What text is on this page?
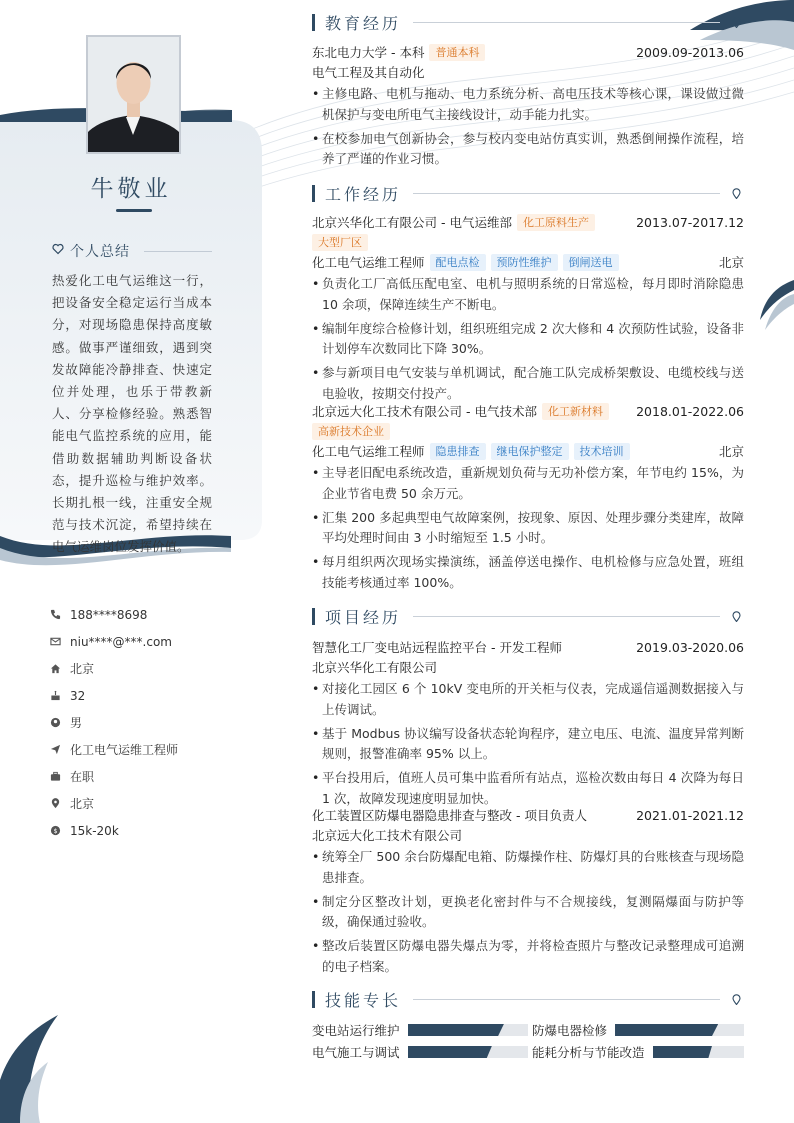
牛敬业
个人总结
热爱化工电气运维这一行，把设备安全稳定运行当成本分，对现场隐患保持高度敏感。做事严谨细致，遇到突发故障能冷静排查、快速定位并处理，也乐于带教新人、分享检修经验。熟悉智能电气监控系统的应用，能借助数据辅助判断设备状态，提升巡检与维护效率。长期扎根一线，注重安全规范与技术沉淀，希望持续在电气运维岗位发挥价值。
188****8698
niu****@***.com
北京
32
男
化工电气运维工程师
在职
北京
$ 15k-20k
教育经历
工作经历
项目经历
技能专长
东北电力大学 - 本科	普通本科	2009.09-2013.06
电气工程及其自动化
• 主修电路、电机与拖动、电力系统分析、高电压技术等核心课，课设做过微机保护与变电所电气主接线设计，动手能力扎实。
• 在校参加电气创新协会，参与校内变电站仿真实训，熟悉倒闸操作流程，培养了严谨的作业习惯。
北京兴华化工有限公司 - 电气运维部	化工原料生产	2013.07-2017.12
大型厂区
化工电气运维工程师	配电点检	预防性维护	倒闸送电	北京
• 负责化工厂高低压配电室、电机与照明系统的日常巡检，每月即时消除隐患 10 余项，保障连续生产不断电。
• 编制年度综合检修计划，组织班组完成 2 次大修和 4 次预防性试验，设备非计划停车次数同比下降 30%。
• 参与新项目电气安装与单机调试，配合施工队完成桥架敷设、电缆校线与送电验收，按期交付投产。
北京远大化工技术有限公司 - 电气技术部	化工新材料	2018.01-2022.06
高新技术企业
化工电气运维工程师	隐患排查	继电保护整定	技术培训	北京
• 主导老旧配电系统改造，重新规划负荷与无功补偿方案，年节电约 15%，为企业节省电费 50 余万元。
• 汇集 200 多起典型电气故障案例，按现象、原因、处理步骤分类建库，故障平均处理时间由 3 小时缩短至 1.5 小时。
• 每月组织两次现场实操演练，涵盖停送电操作、电机检修与应急处置，班组技能考核通过率 100%。
智慧化工厂变电站远程监控平台 - 开发工程师	2019.03-2020.06
北京兴华化工有限公司
• 对接化工园区 6 个 10kV 变电所的开关柜与仪表，完成遥信遥测数据接入与上传调试。
• 基于 Modbus 协议编写设备状态轮询程序，建立电压、电流、温度异常判断规则，报警准确率 95% 以上。
• 平台投用后，值班人员可集中监看所有站点，巡检次数由每日 4 次降为每日 1 次，故障发现速度明显加快。
化工装置区防爆电器隐患排查与整改 - 项目负责人	2021.01-2021.12
北京远大化工技术有限公司
• 统筹全厂 500 余台防爆配电箱、防爆操作柱、防爆灯具的台账核查与现场隐患排查。
• 制定分区整改计划，更换老化密封件与不合规接线，复测隔爆面与防护等级，确保通过验收。
• 整改后装置区防爆电器失爆点为零，并将检查照片与整改记录整理成可追溯的电子档案。
变电站运行维护	防爆电器检修
电气施工与调试	能耗分析与节能改造
